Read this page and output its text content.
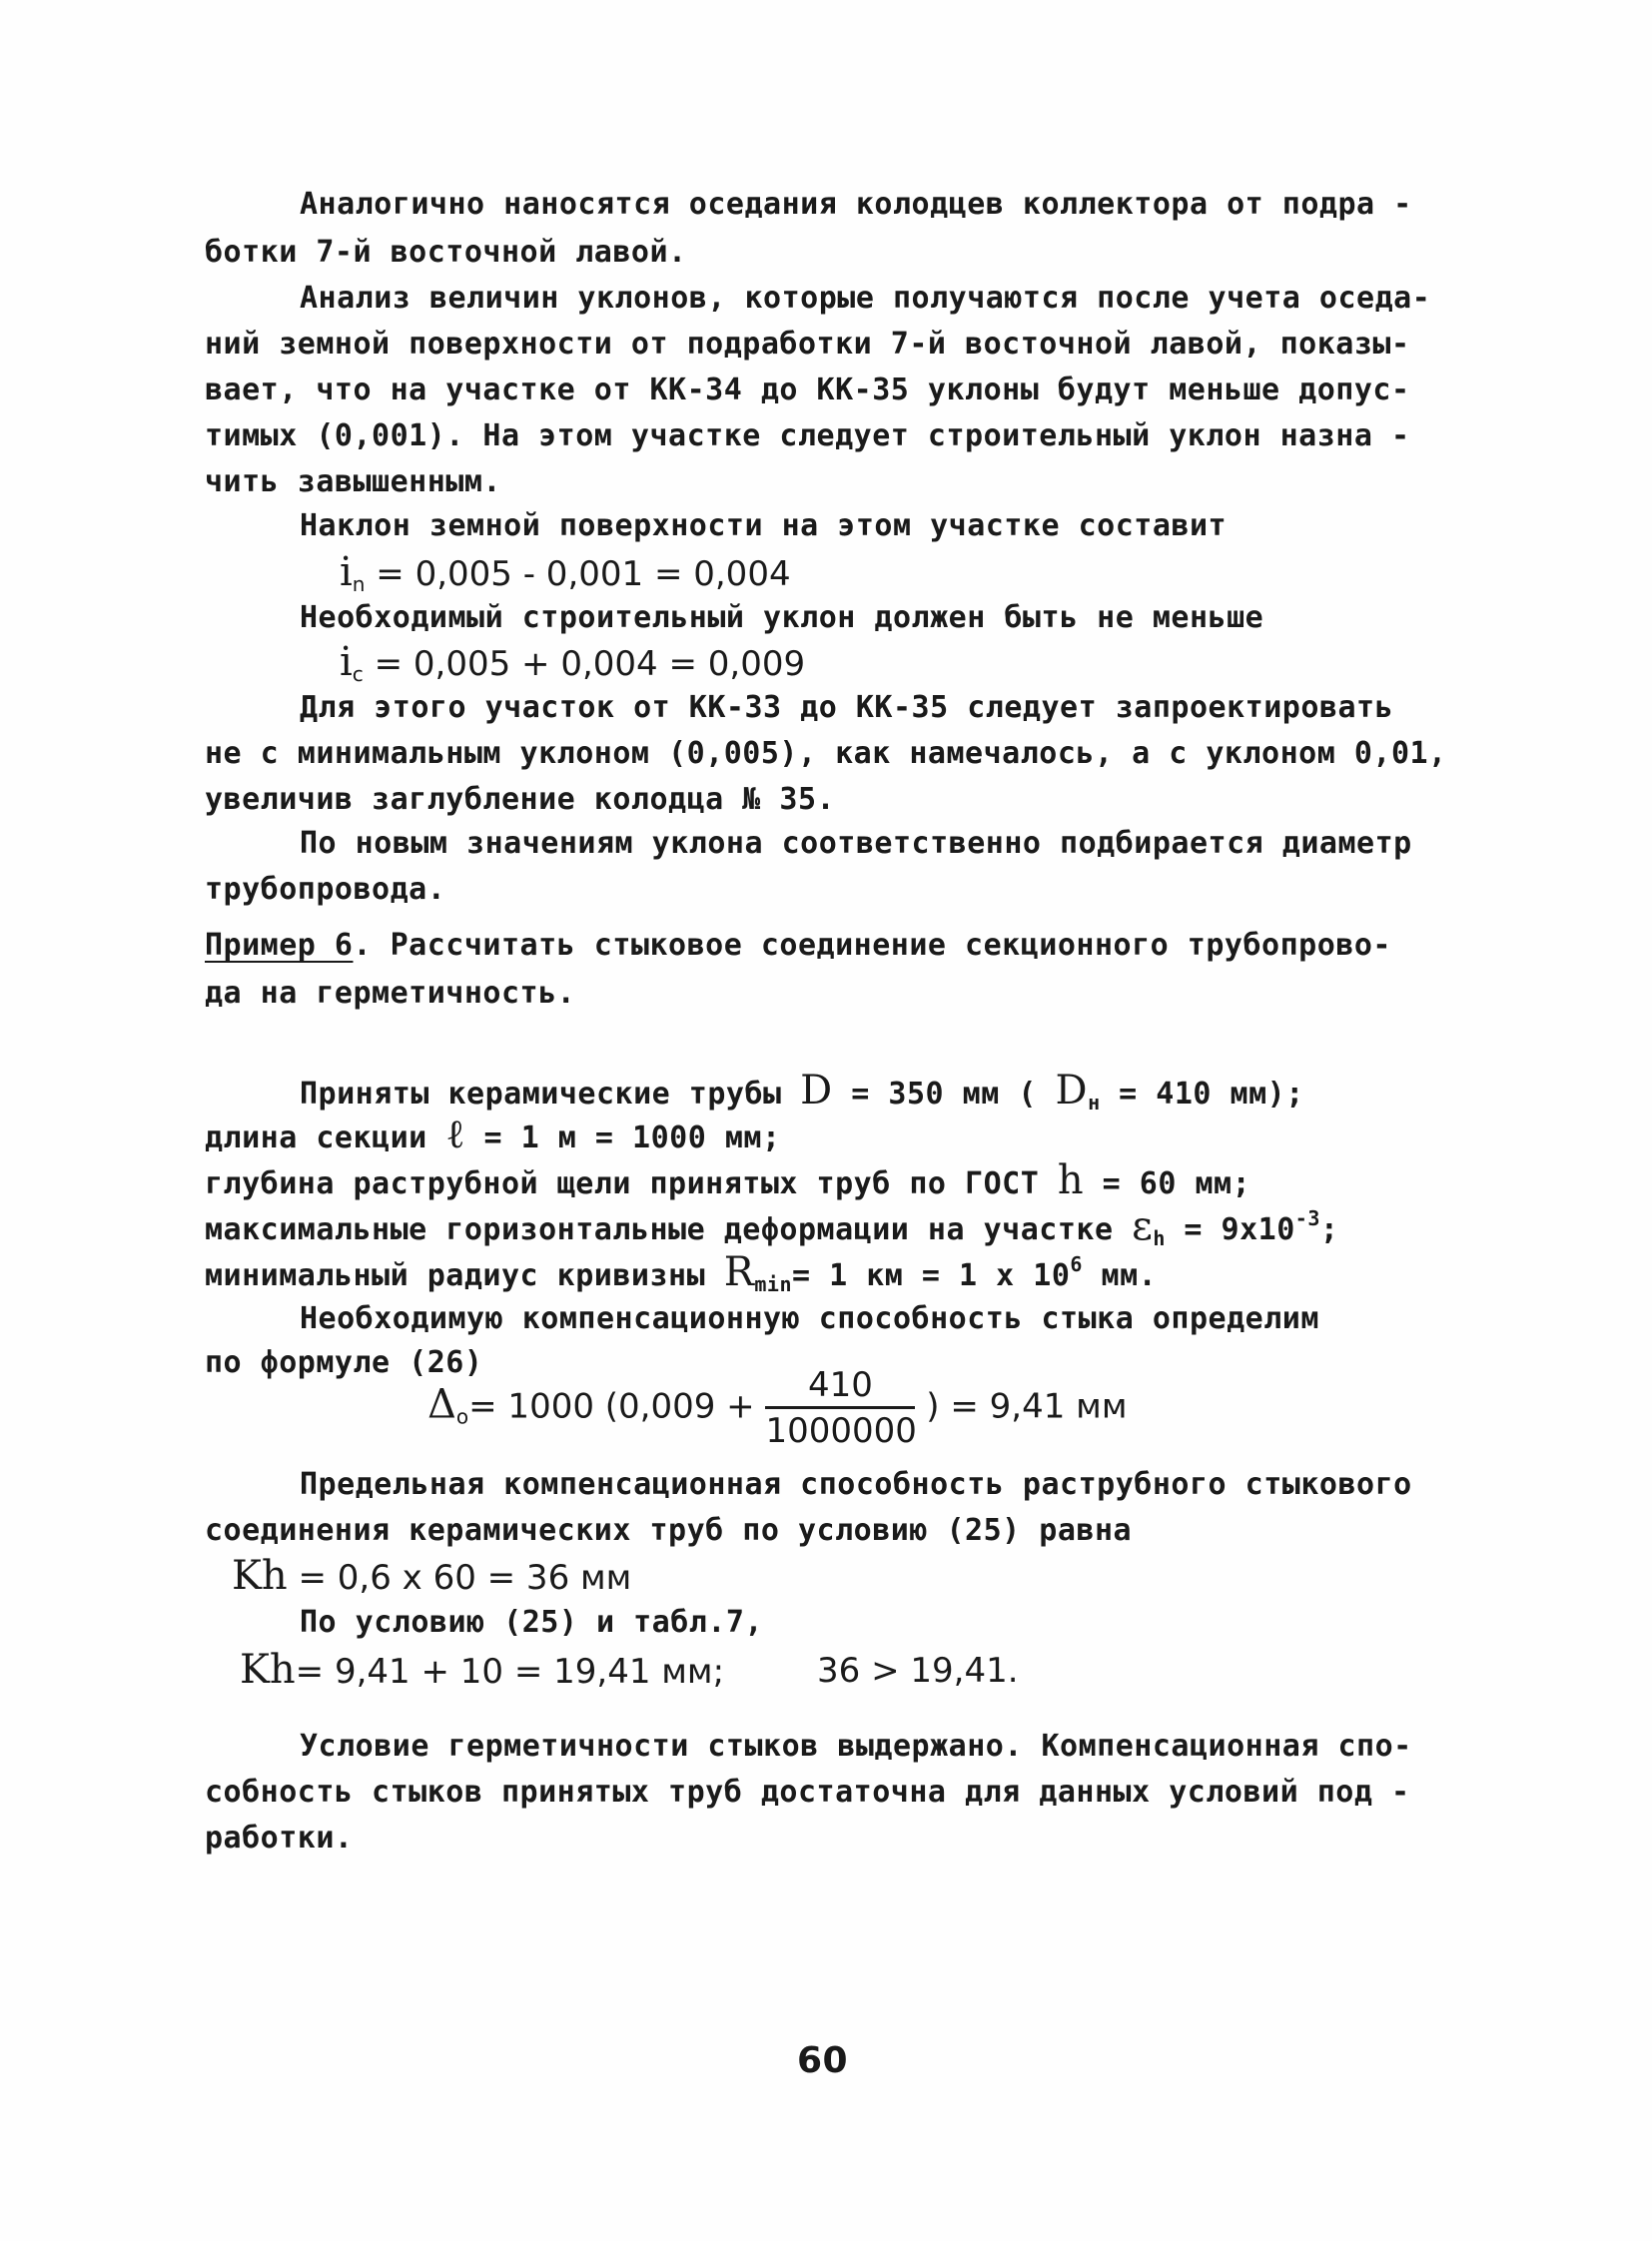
Аналогично наносятся оседания колодцев коллектора от подра -
ботки 7-й восточной лавой.
Анализ величин уклонов, которые получаются после учета оседа-
ний земной поверхности от подработки 7-й восточной лавой, показы-
вает, что на участке от КК-34 до КК-35 уклоны будут меньше допус-
тимых (0,001). На этом участке следует строительный уклон назна -
чить завышенным.
Наклон земной поверхности на этом участке составит
$i_n = 0,005 - 0,001 = 0,004$
Необходимый строительный уклон должен быть не меньше
$i_c = 0,005 + 0,004 = 0,009$
Для этого участок от КК-33 до КК-35 следует запроектировать
не с минимальным уклоном (0,005), как намечалось, а с уклоном 0,01,
увеличив заглубление колодца № 35.
По новым значениям уклона соответственно подбирается диаметр
трубопровода.
Пример 6. Рассчитать стыковое соединение секционного трубопрово-
да на герметичность.
Приняты керамические трубы D = 350 мм ( $D_н = 410$ мм);
длина секции ℓ = 1 м = 1000 мм;
глубина раструбной щели принятых труб по ГОСТ h = 60 мм;
максимальные горизонтальные деформации на участке $\varepsilon_h = 9x10^{-3}$;
минимальный радиус кривизны $R_{min}= 1$ км = 1 х $10^6$ мм.
Необходимую компенсационную способность стыка определим
по формуле (26)
$\Delta_о= 1000$ ($0,009 + \frac{410}{1000000}$ ) = 9,41 мм
Предельная компенсационная способность раструбного стыкового
соединения керамических труб по условию (25) равна
Kh = 0,6 х 60 = 36 мм
По условию (25) и табл.7,
Kh= 9,41 + 10 = 19,41 мм;	36 > 19,41.
Условие герметичности стыков выдержано. Компенсационная спо-
собность стыков принятых труб достаточна для данных условий под -
работки.
60
